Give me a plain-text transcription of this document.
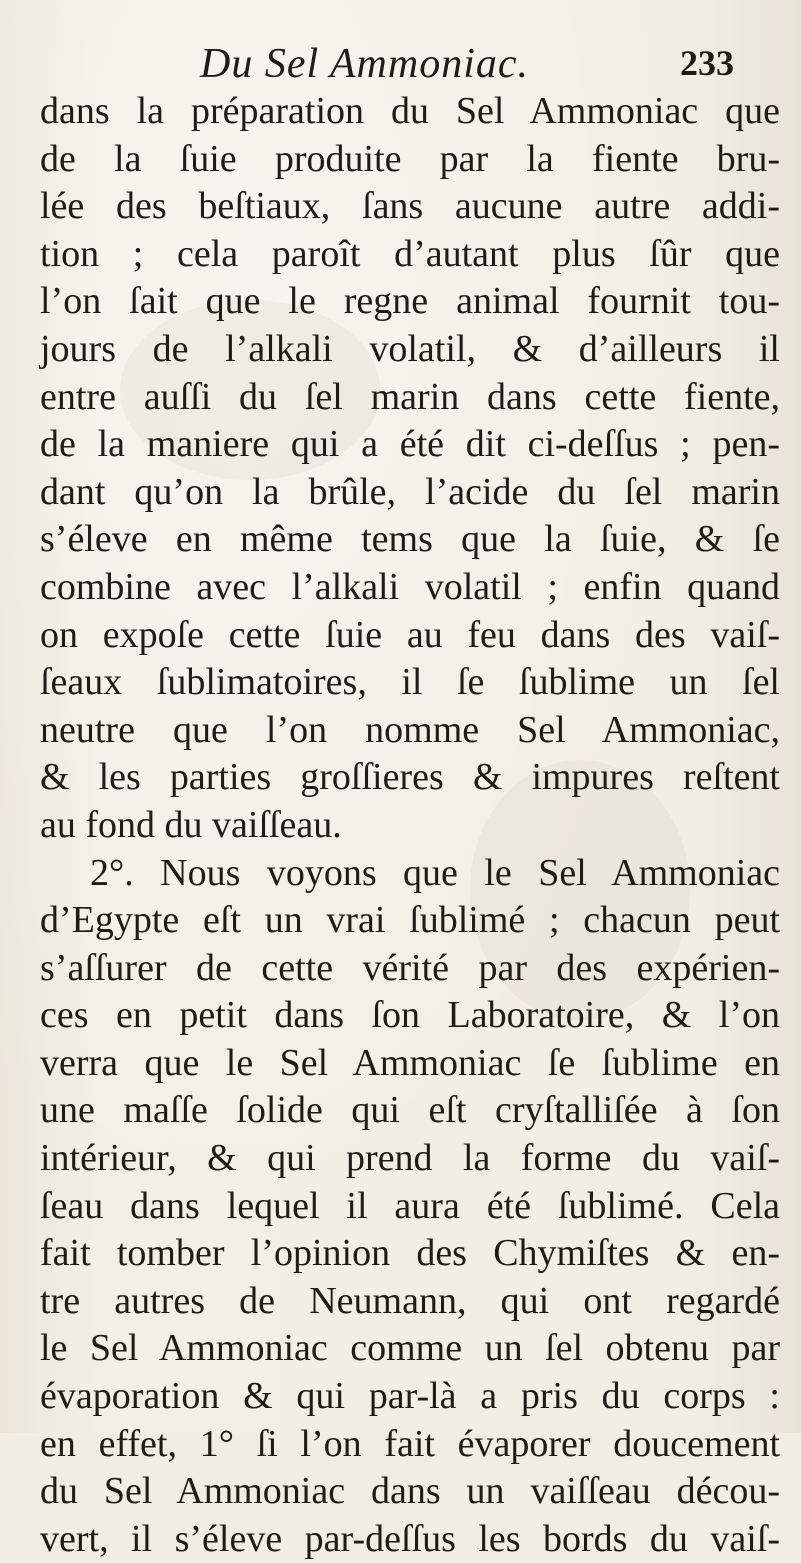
Du Sel Ammoniac.	233
dans la préparation du Sel Ammoniac que
de la ſuie produite par la fiente bru-
lée des beſtiaux, ſans aucune autre addi-
tion ; cela paroît d’autant plus ſûr que
l’on ſait que le regne animal fournit tou-
jours de l’alkali volatil, & d’ailleurs il
entre auſſi du ſel marin dans cette fiente,
de la maniere qui a été dit ci-deſſus ; pen-
dant qu’on la brûle, l’acide du ſel marin
s’éleve en même tems que la ſuie, & ſe
combine avec l’alkali volatil ; enfin quand
on expoſe cette ſuie au feu dans des vaiſ-
ſeaux ſublimatoires, il ſe ſublime un ſel
neutre que l’on nomme Sel Ammoniac,
& les parties groſſieres & impures reſtent
au fond du vaiſſeau.
2°. Nous voyons que le Sel Ammoniac
d’Egypte eſt un vrai ſublimé ; chacun peut
s’aſſurer de cette vérité par des expérien-
ces en petit dans ſon Laboratoire, & l’on
verra que le Sel Ammoniac ſe ſublime en
une maſſe ſolide qui eſt cryſtalliſée à ſon
intérieur, & qui prend la forme du vaiſ-
ſeau dans lequel il aura été ſublimé. Cela
fait tomber l’opinion des Chymiſtes & en-
tre autres de Neumann, qui ont regardé
le Sel Ammoniac comme un ſel obtenu par
évaporation & qui par-là a pris du corps :
en effet, 1° ſi l’on fait évaporer doucement
du Sel Ammoniac dans un vaiſſeau décou-
vert, il s’éleve par-deſſus les bords du vaiſ-
